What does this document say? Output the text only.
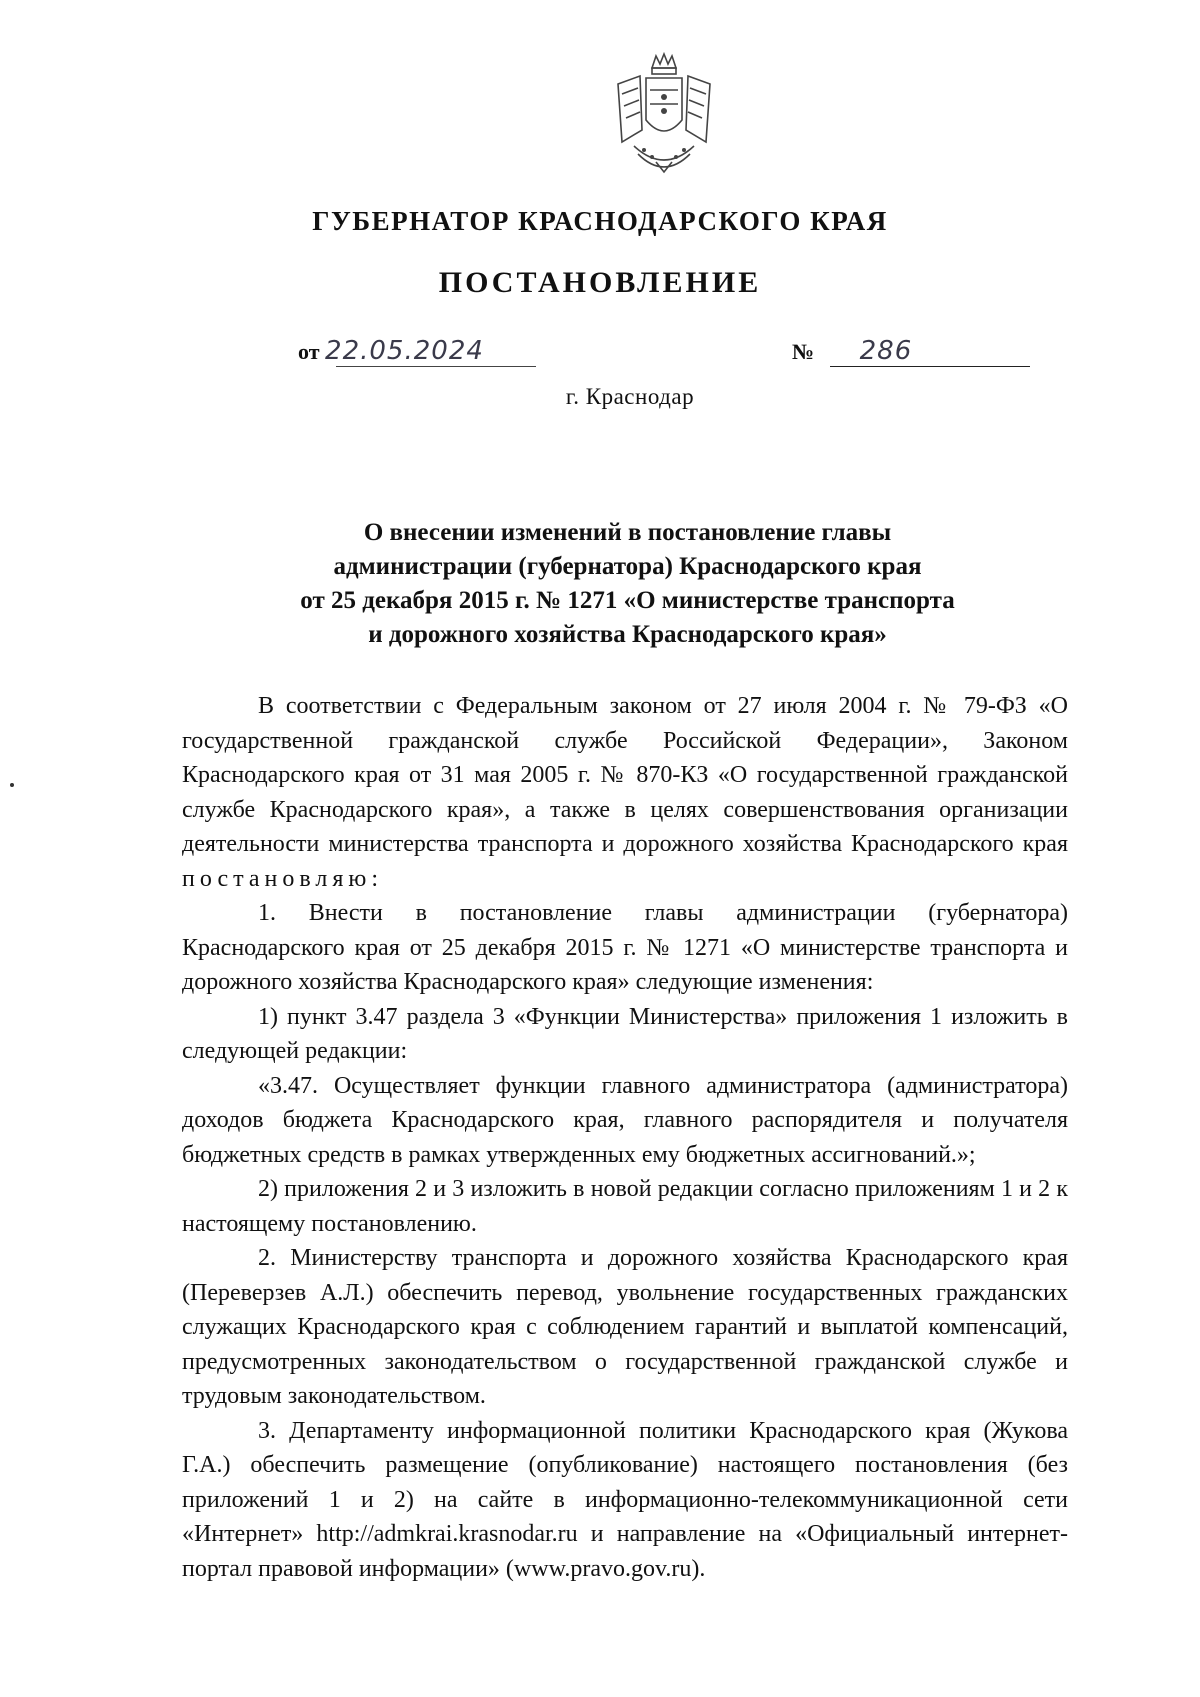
ГУБЕРНАТОР КРАСНОДАРСКОГО КРАЯ
ПОСТАНОВЛЕНИЕ
от 22.05.2024	№ 286
г. Краснодар
О внесении изменений в постановление главы
администрации (губернатора) Краснодарского края
от 25 декабря 2015 г. № 1271 «О министерстве транспорта
и дорожного хозяйства Краснодарского края»

В соответствии с Федеральным законом от 27 июля 2004 г. № 79-ФЗ «О государственной гражданской службе Российской Федерации», Законом Краснодарского края от 31 мая 2005 г. № 870-КЗ «О государственной гражданской службе Краснодарского края», а также в целях совершенствования организации деятельности министерства транспорта и дорожного хозяйства Краснодарского края постановляю:

1. Внести в постановление главы администрации (губернатора) Краснодарского края от 25 декабря 2015 г. № 1271 «О министерстве транспорта и дорожного хозяйства Краснодарского края» следующие изменения:

1) пункт 3.47 раздела 3 «Функции Министерства» приложения 1 изложить в следующей редакции:

«3.47. Осуществляет функции главного администратора (администратора) доходов бюджета Краснодарского края, главного распорядителя и получателя бюджетных средств в рамках утвержденных ему бюджетных ассигнований.»;

2) приложения 2 и 3 изложить в новой редакции согласно приложениям 1 и 2 к настоящему постановлению.

2. Министерству транспорта и дорожного хозяйства Краснодарского края (Переверзев А.Л.) обеспечить перевод, увольнение государственных гражданских служащих Краснодарского края с соблюдением гарантий и выплатой компенсаций, предусмотренных законодательством о государственной гражданской службе и трудовым законодательством.

3. Департаменту информационной политики Краснодарского края (Жукова Г.А.) обеспечить размещение (опубликование) настоящего постановления (без приложений 1 и 2) на сайте в информационно-телекоммуникационной сети «Интернет» http://admkrai.krasnodar.ru и направление на «Официальный интернет-портал правовой информации» (www.pravo.gov.ru).
